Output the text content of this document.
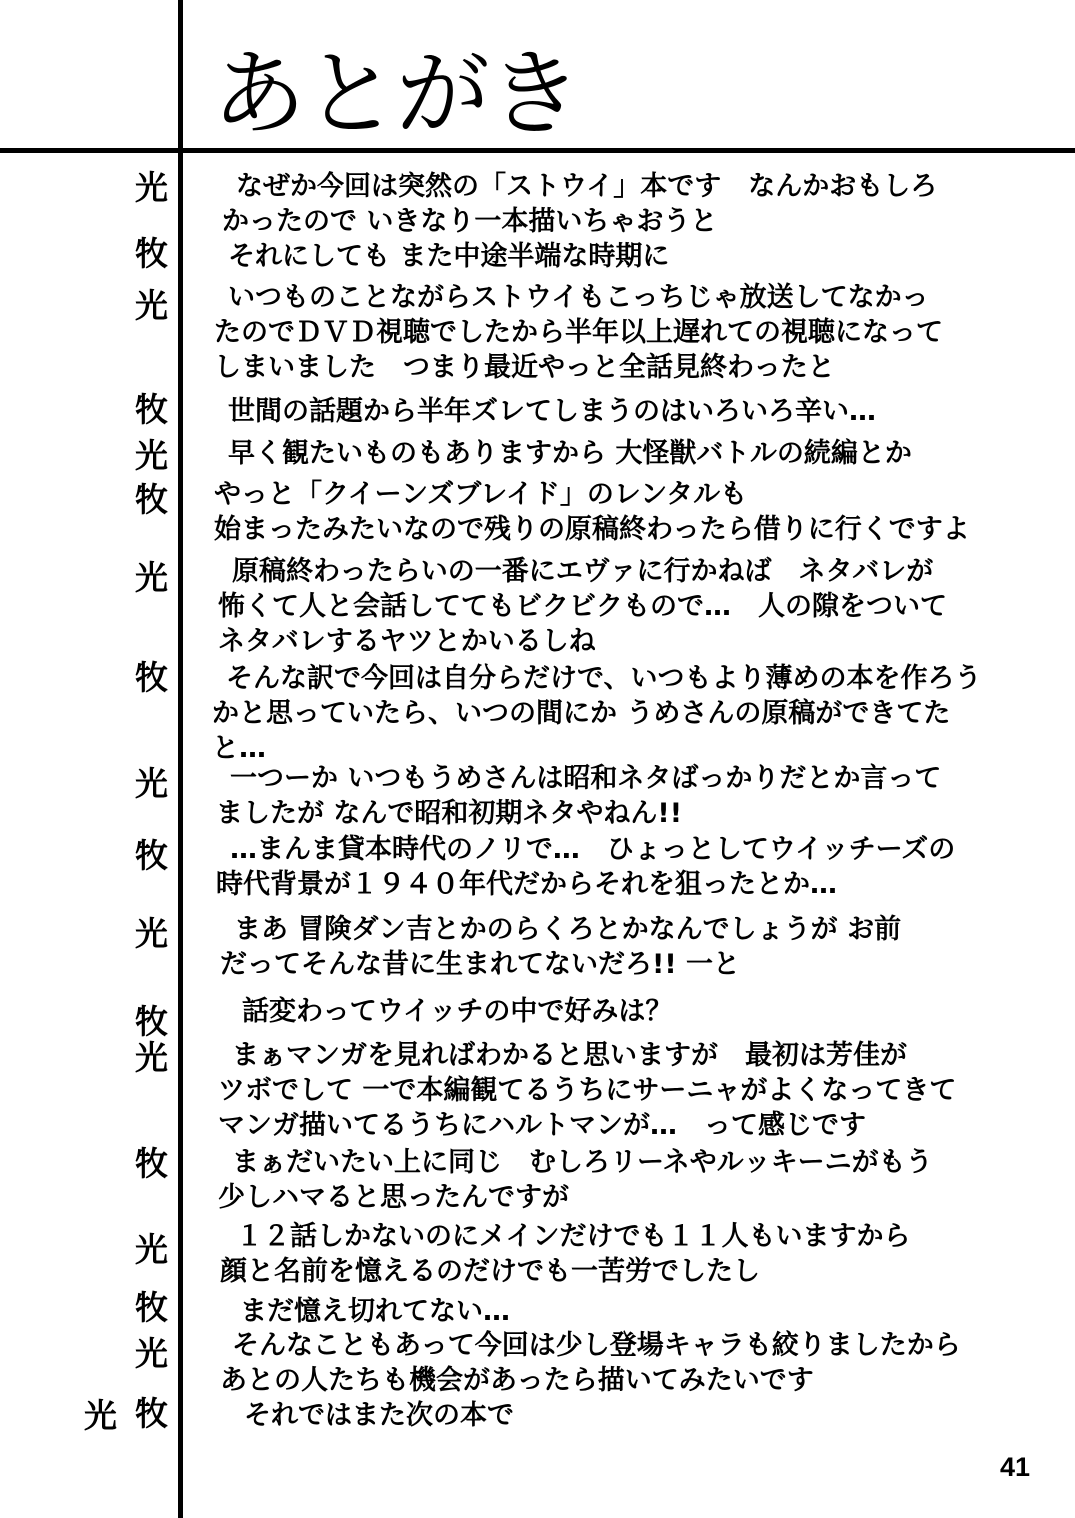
あとがき
光
牧
光
牧
光
牧
光
牧
光
牧
光
牧
光
牧
光
牧
光
光 牧
なぜか今回は突然の「ストウイ」本です　なんかおもしろ
かったので いきなり一本描いちゃおうと
それにしても また中途半端な時期に
いつものことながらストウイもこっちじゃ放送してなかっ
たのでＤＶＤ視聴でしたから半年以上遅れての視聴になって
しまいました　つまり最近やっと全話見終わったと
世間の話題から半年ズレてしまうのはいろいろ辛い…
早く観たいものもありますから 大怪獣バトルの続編とか
やっと「クイーンズブレイド」のレンタルも
始まったみたいなので残りの原稿終わったら借りに行くですよ
原稿終わったらいの一番にエヴァに行かねば　ネタバレが
怖くて人と会話しててもビクビクもので…　人の隙をついて
ネタバレするヤツとかいるしね
そんな訳で今回は自分らだけで、いつもより薄めの本を作ろう
かと思っていたら、いつの間にか うめさんの原稿ができてた
と…
一つーか いつもうめさんは昭和ネタばっかりだとか言って
ましたが なんで昭和初期ネタやねん!!
…まんま貸本時代のノリで…　ひょっとしてウイッチーズの
時代背景が１９４０年代だからそれを狙ったとか…
まあ 冒険ダン吉とかのらくろとかなんでしょうが お前
だってそんな昔に生まれてないだろ!! 一と
話変わってウイッチの中で好みは？
まぁマンガを見ればわかると思いますが　最初は芳佳が
ツボでして 一で本編観てるうちにサーニャがよくなってきて
マンガ描いてるうちにハルトマンが…　って感じです
まぁだいたい上に同じ　むしろリーネやルッキーニがもう
少しハマると思ったんですが
１２話しかないのにメインだけでも１１人もいますから
顔と名前を憶えるのだけでも一苦労でしたし
まだ憶え切れてない…
そんなこともあって今回は少し登場キャラも絞りましたから
あとの人たちも機会があったら描いてみたいです
それではまた次の本で
41
